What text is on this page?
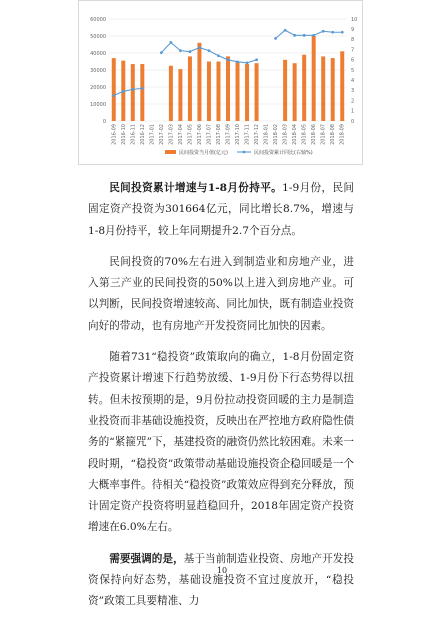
0
10000
20000
30000
40000
50000
60000
0
1
2
3
4
5
6
7
8
9
10
2016-09 2016-10 2016-11 2016-12 2017-01 2017-02 2017-03 2017-04 2017-05 2017-06 2017-07 2017-08 2017-09 2017-10 2017-11 2017-12 2018-01 2018-02 2018-03 2018-04 2018-05 2018-06 2018-07 2018-08 2018-09
民间投资当月值(亿元)	民间投资累计同比(右轴%)

民间投资累计增速与1-8月份持平。1-9月份，民间固定资产投资为301664亿元，同比增长8.7%，增速与1-8月份持平，较上年同期提升2.7个百分点。

民间投资的70%左右进入到制造业和房地产业，进入第三产业的民间投资的50%以上进入到房地产业。可以判断，民间投资增速较高、同比加快，既有制造业投资向好的带动，也有房地产开发投资同比加快的因素。

随着731“稳投资”政策取向的确立，1-8月份固定资产投资累计增速下行趋势放缓、1-9月份下行态势得以扭转。但未按预期的是，9月份拉动投资回暖的主力是制造业投资而非基础设施投资，反映出在严控地方政府隐性债务的“紧箍咒”下，基建投资的融资仍然比较困难。未来一段时期，“稳投资”政策带动基础设施投资企稳回暖是一个大概率事件。待相关“稳投资”政策效应得到充分释放，预计固定资产投资将明显趋稳回升，2018年固定资产投资增速在6.0%左右。

需要强调的是，基于当前制造业投资、房地产开发投资保持向好态势，基础设施投资不宜过度放开，“稳投资”政策工具要精准、力

10
